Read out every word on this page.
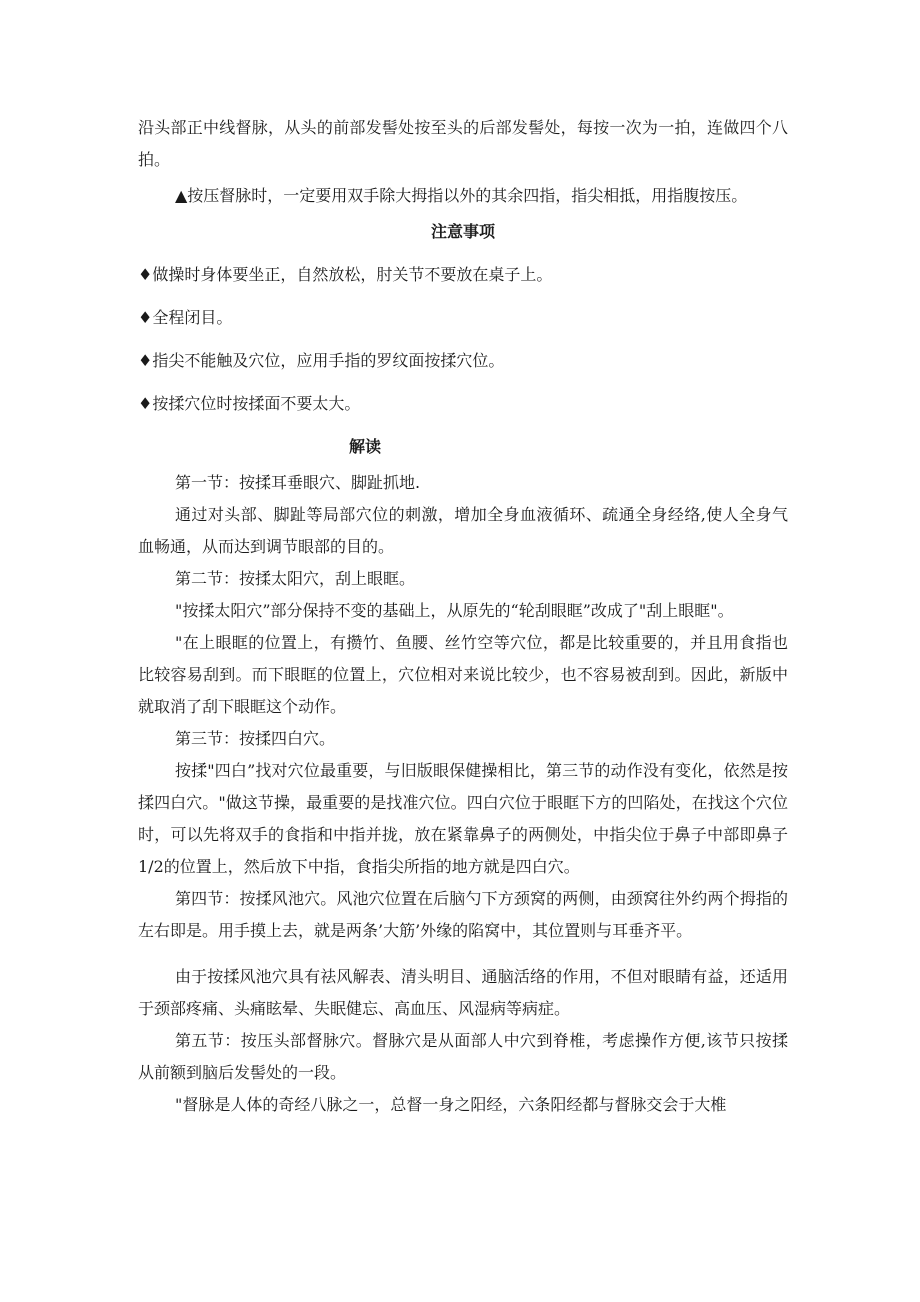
沿头部正中线督脉，从头的前部发髻处按至头的后部发髻处，每按一次为一拍，连做四个八拍。

▲按压督脉时，一定要用双手除大拇指以外的其余四指，指尖相抵，用指腹按压。

注意事项

♦做操时身体要坐正，自然放松，肘关节不要放在桌子上。

♦全程闭目。

♦指尖不能触及穴位，应用手指的罗纹面按揉穴位。

♦按揉穴位时按揉面不要太大。

解读

第一节：按揉耳垂眼穴、脚趾抓地.

通过对头部、脚趾等局部穴位的刺激，增加全身血液循环、疏通全身经络,使人全身气血畅通，从而达到调节眼部的目的。

第二节：按揉太阳穴，刮上眼眶。

"按揉太阳穴”部分保持不变的基础上，从原先的“轮刮眼眶”改成了"刮上眼眶"。

"在上眼眶的位置上，有攒竹、鱼腰、丝竹空等穴位，都是比较重要的，并且用食指也比较容易刮到。而下眼眶的位置上，穴位相对来说比较少，也不容易被刮到。因此，新版中就取消了刮下眼眶这个动作。

第三节：按揉四白穴。

按揉"四白”找对穴位最重要，与旧版眼保健操相比，第三节的动作没有变化，依然是按揉四白穴。"做这节操，最重要的是找准穴位。四白穴位于眼眶下方的凹陷处，在找这个穴位时，可以先将双手的食指和中指并拢，放在紧靠鼻子的两侧处，中指尖位于鼻子中部即鼻子1/2的位置上，然后放下中指，食指尖所指的地方就是四白穴。

第四节：按揉风池穴。风池穴位置在后脑勺下方颈窝的两侧，由颈窝往外约两个拇指的左右即是。用手摸上去，就是两条’大筋’外缘的陷窝中，其位置则与耳垂齐平。

由于按揉风池穴具有祛风解表、清头明目、通脑活络的作用，不但对眼睛有益，还适用于颈部疼痛、头痛眩晕、失眠健忘、高血压、风湿病等病症。

第五节：按压头部督脉穴。督脉穴是从面部人中穴到脊椎，考虑操作方便,该节只按揉从前额到脑后发髻处的一段。

"督脉是人体的奇经八脉之一，总督一身之阳经，六条阳经都与督脉交会于大椎
